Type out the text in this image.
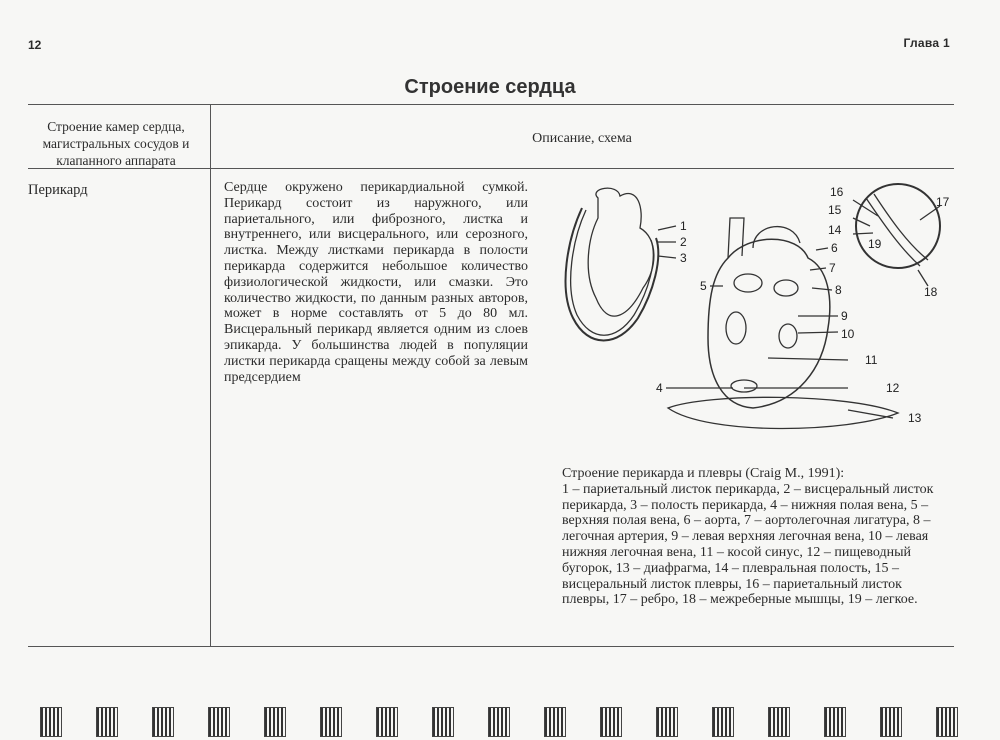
12	Глава 1
Строение сердца
Строение камер сердца, магистральных сосудов и клапанного аппарата
Описание, схема
Перикард	Сердце окружено перикардиальной сумкой. Перикард состоит из наружного, или париетального, или фиброзного, листка и внутреннего, или висцерального, или серозного, листка. Между листками перикарда в полости перикарда содержится небольшое количество физиологической жидкости, или смазки. Это количество жидкости, по данным разных авторов, может в норме составлять от 5 до 80 мл. Висцеральный перикард является одним из слоев эпикарда. У большинства людей в популяции листки перикарда сращены между собой за левым предсердием
1
2
3
4
5
6
7
8
9
10
11
12
13
14
15
16
17
18
19

Строение перикарда и плевры (Craig M., 1991):

1 – париетальный листок перикарда, 2 – висцеральный листок перикарда, 3 – полость перикарда, 4 – нижняя полая вена, 5 – верхняя полая вена, 6 – аорта, 7 – аортолегочная лигатура, 8 – легочная артерия, 9 – левая верхняя легочная вена, 10 – левая нижняя легочная вена, 11 – косой синус, 12 – пищеводный бугорок, 13 – диафрагма, 14 – плевральная полость, 15 – висцеральный листок плевры, 16 – париетальный листок плевры, 17 – ребро, 18 – межреберные мышцы, 19 – легкое.
